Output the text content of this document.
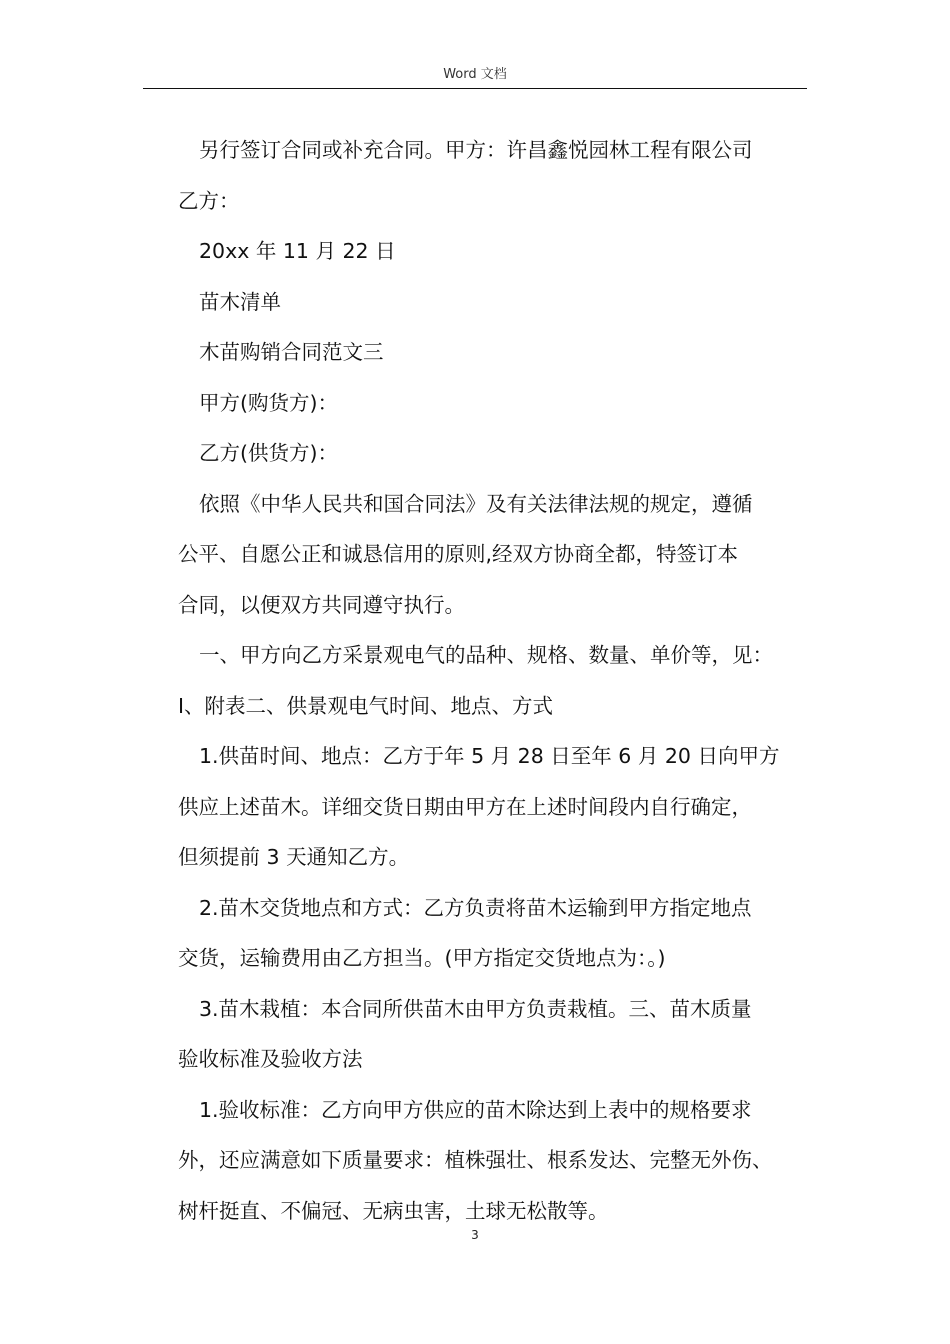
Word 文档
另行签订合同或补充合同。甲方：许昌鑫悦园林工程有限公司
乙方：
20xx 年 11 月 22 日
苗木清单
木苗购销合同范文三
甲方(购货方)：
乙方(供货方)：
依照《中华人民共和国合同法》及有关法律法规的规定，遵循
公平、自愿公正和诚恳信用的原则,经双方协商全都，特签订本
合同，以便双方共同遵守执行。
一、甲方向乙方采景观电气的品种、规格、数量、单价等，见：
Ⅰ、附表二、供景观电气时间、地点、方式
1.供苗时间、地点：乙方于年 5 月 28 日至年 6 月 20 日向甲方
供应上述苗木。详细交货日期由甲方在上述时间段内自行确定，
但须提前 3 天通知乙方。
2.苗木交货地点和方式：乙方负责将苗木运输到甲方指定地点
交货，运输费用由乙方担当。(甲方指定交货地点为：。)
3.苗木栽植：本合同所供苗木由甲方负责栽植。三、苗木质量
验收标准及验收方法
1.验收标准：乙方向甲方供应的苗木除达到上表中的规格要求
外，还应满意如下质量要求：植株强壮、根系发达、完整无外伤、
树杆挺直、不偏冠、无病虫害，土球无松散等。
3
